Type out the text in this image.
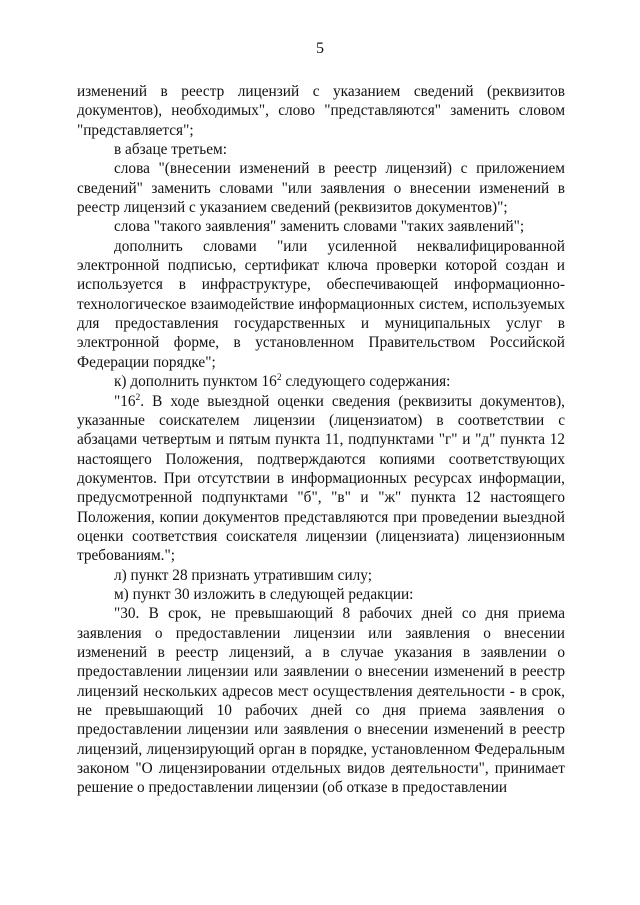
5

изменений в реестр лицензий с указанием сведений (реквизитов документов), необходимых", слово "представляются" заменить словом "представляется";

в абзаце третьем:

слова "(внесении изменений в реестр лицензий) с приложением сведений" заменить словами "или заявления о внесении изменений в реестр лицензий с указанием сведений (реквизитов документов)";

слова "такого заявления" заменить словами "таких заявлений";

дополнить словами "или усиленной неквалифицированной электронной подписью, сертификат ключа проверки которой создан и используется в инфраструктуре, обеспечивающей информационно-технологическое взаимодействие информационных систем, используемых для предоставления государственных и муниципальных услуг в электронной форме, в установленном Правительством Российской Федерации порядке";

к) дополнить пунктом $16^2$ следующего содержания:

"$16^2$. В ходе выездной оценки сведения (реквизиты документов), указанные соискателем лицензии (лицензиатом) в соответствии с абзацами четвертым и пятым пункта 11, подпунктами "г" и "д" пункта 12 настоящего Положения, подтверждаются копиями соответствующих документов. При отсутствии в информационных ресурсах информации, предусмотренной подпунктами "б", "в" и "ж" пункта 12 настоящего Положения, копии документов представляются при проведении выездной оценки соответствия соискателя лицензии (лицензиата) лицензионным требованиям.";

л) пункт 28 признать утратившим силу;

м) пункт 30 изложить в следующей редакции:

"30. В срок, не превышающий 8 рабочих дней со дня приема заявления о предоставлении лицензии или заявления о внесении изменений в реестр лицензий, а в случае указания в заявлении о предоставлении лицензии или заявлении о внесении изменений в реестр лицензий нескольких адресов мест осуществления деятельности - в срок, не превышающий 10 рабочих дней со дня приема заявления о предоставлении лицензии или заявления о внесении изменений в реестр лицензий, лицензирующий орган в порядке, установленном Федеральным законом "О лицензировании отдельных видов деятельности", принимает решение о предоставлении лицензии (об отказе в предоставлении
